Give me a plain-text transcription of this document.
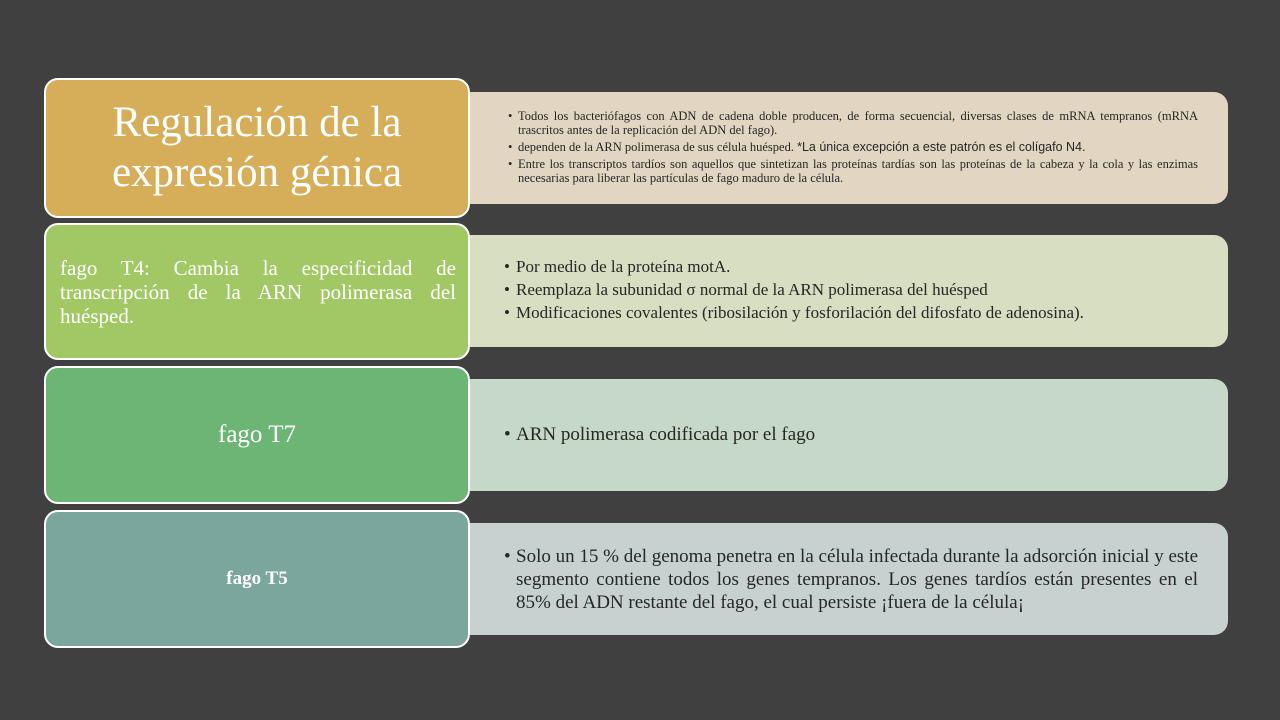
• Todos los bacteriófagos con ADN de cadena doble producen, de forma secuencial, diversas clases de mRNA tempranos (mRNA trascritos antes de la replicación del ADN del fago).
• dependen de la ARN polimerasa de sus célula huésped. *La única excepción a este patrón es el colígafo N4.
• Entre los transcriptos tardíos son aquellos que sintetizan las proteínas tardías son las proteínas de la cabeza y la cola y las enzimas necesarias para liberar las partículas de fago maduro de la célula.
Regulación de la expresión génica
• Por medio de la proteína motA.
• Reemplaza la subunidad σ normal de la ARN polimerasa del huésped
• Modificaciones covalentes (ribosilación y fosforilación del difosfato de adenosina).
fago T4: Cambia la especificidad de transcripción de la ARN polimerasa del huésped.
• ARN polimerasa codificada por el fago
fago T7
• Solo un 15 % del genoma penetra en la célula infectada durante la adsorción inicial y este segmento contiene todos los genes tempranos. Los genes tardíos están presentes en el 85% del ADN restante del fago, el cual persiste ¡fuera de la célula¡
fago T5
